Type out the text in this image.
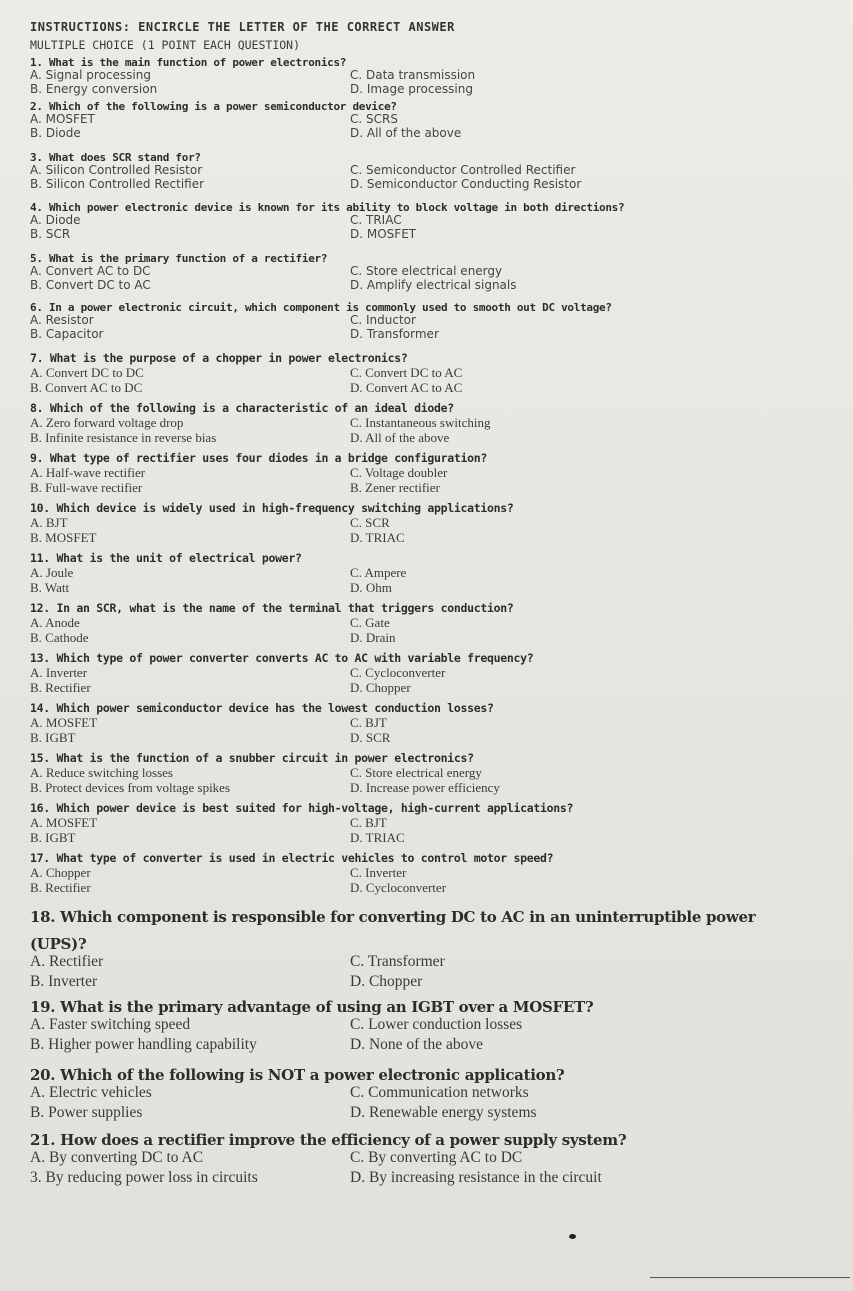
INSTRUCTIONS: ENCIRCLE THE LETTER OF THE CORRECT ANSWER
MULTIPLE CHOICE (1 POINT EACH QUESTION)
1. What is the main function of power electronics?
A. Signal processing	C. Data transmission
B. Energy conversion	D. Image processing
2. Which of the following is a power semiconductor device?
A. MOSFET	C. SCRS
B. Diode	D. All of the above
3. What does SCR stand for?
A. Silicon Controlled Resistor	C. Semiconductor Controlled Rectifier
B. Silicon Controlled Rectifier	D. Semiconductor Conducting Resistor
4. Which power electronic device is known for its ability to block voltage in both directions?
A. Diode	C. TRIAC
B. SCR	D. MOSFET
5. What is the primary function of a rectifier?
A. Convert AC to DC	C. Store electrical energy
B. Convert DC to AC	D. Amplify electrical signals
6. In a power electronic circuit, which component is commonly used to smooth out DC voltage?
A. Resistor	C. Inductor
B. Capacitor	D. Transformer
7. What is the purpose of a chopper in power electronics?
A. Convert DC to DC	C. Convert DC to AC
B. Convert AC to DC	D. Convert AC to AC
8. Which of the following is a characteristic of an ideal diode?
A. Zero forward voltage drop	C. Instantaneous switching
B. Infinite resistance in reverse bias	D. All of the above
9. What type of rectifier uses four diodes in a bridge configuration?
A. Half-wave rectifier	C. Voltage doubler
B. Full-wave rectifier	B. Zener rectifier
10. Which device is widely used in high-frequency switching applications?
A. BJT	C. SCR
B. MOSFET	D. TRIAC
11. What is the unit of electrical power?
A. Joule	C. Ampere
B. Watt	D. Ohm
12. In an SCR, what is the name of the terminal that triggers conduction?
A. Anode	C. Gate
B. Cathode	D. Drain
13. Which type of power converter converts AC to AC with variable frequency?
A. Inverter	C. Cycloconverter
B. Rectifier	D. Chopper
14. Which power semiconductor device has the lowest conduction losses?
A. MOSFET	C. BJT
B. IGBT	D. SCR
15. What is the function of a snubber circuit in power electronics?
A. Reduce switching losses	C. Store electrical energy
B. Protect devices from voltage spikes	D. Increase power efficiency
16. Which power device is best suited for high-voltage, high-current applications?
A. MOSFET	C. BJT
B. IGBT	D. TRIAC
17. What type of converter is used in electric vehicles to control motor speed?
A. Chopper	C. Inverter
B. Rectifier	D. Cycloconverter
18. Which component is responsible for converting DC to AC in an uninterruptible power
(UPS)?
A. Rectifier	C. Transformer
B. Inverter	D. Chopper
19. What is the primary advantage of using an IGBT over a MOSFET?
A. Faster switching speed	C. Lower conduction losses
B. Higher power handling capability	D. None of the above
20. Which of the following is NOT a power electronic application?
A. Electric vehicles	C. Communication networks
B. Power supplies	D. Renewable energy systems
21. How does a rectifier improve the efficiency of a power supply system?
A. By converting DC to AC	C. By converting AC to DC
3. By reducing power loss in circuits	D. By increasing resistance in the circuit
